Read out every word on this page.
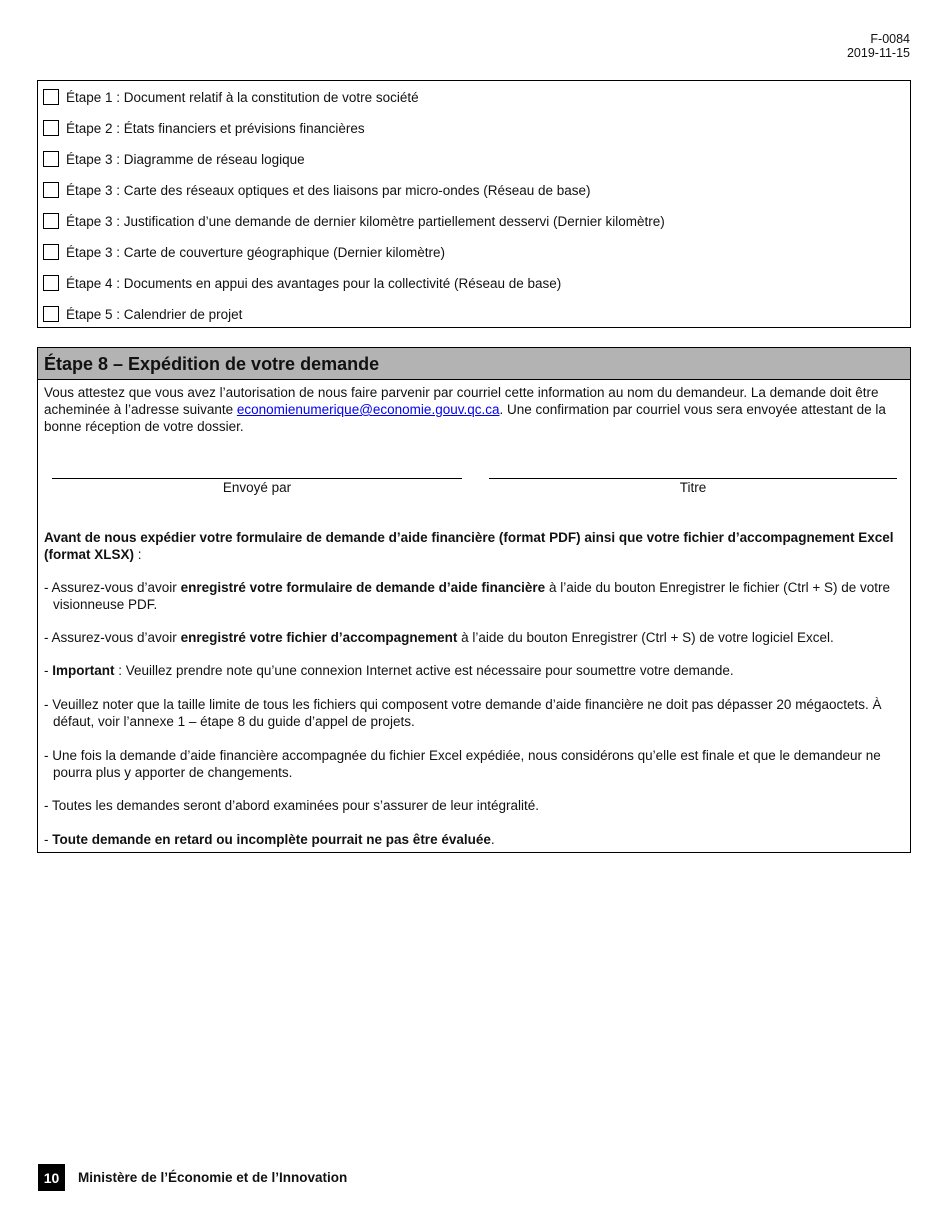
F-0084
2019-11-15
Étape 1 : Document relatif à la constitution de votre société
Étape 2 : États financiers et prévisions financières
Étape 3 : Diagramme de réseau logique
Étape 3 : Carte des réseaux optiques et des liaisons par micro-ondes (Réseau de base)
Étape 3 : Justification d’une demande de dernier kilomètre partiellement desservi (Dernier kilomètre)
Étape 3 : Carte de couverture géographique (Dernier kilomètre)
Étape 4 : Documents en appui des avantages pour la collectivité (Réseau de base)
Étape 5 : Calendrier de projet
Étape 8 – Expédition de votre demande
Vous attestez que vous avez l’autorisation de nous faire parvenir par courriel cette information au nom du demandeur. La demande doit être acheminée à l’adresse suivante economienumerique@economie.gouv.qc.ca. Une confirmation par courriel vous sera envoyée attestant de la bonne réception de votre dossier.
Envoyé par	Titre
Avant de nous expédier votre formulaire de demande d’aide financière (format PDF) ainsi que votre fichier d’accompagnement Excel (format XLSX) :
- Assurez-vous d’avoir enregistré votre formulaire de demande d’aide financière à l’aide du bouton Enregistrer le fichier (Ctrl + S) de votre visionneuse PDF.
- Assurez-vous d’avoir enregistré votre fichier d’accompagnement à l’aide du bouton Enregistrer (Ctrl + S) de votre logiciel Excel.
- Important : Veuillez prendre note qu’une connexion Internet active est nécessaire pour soumettre votre demande.
- Veuillez noter que la taille limite de tous les fichiers qui composent votre demande d’aide financière ne doit pas dépasser 20 mégaoctets. À défaut, voir l’annexe 1 – étape 8 du guide d’appel de projets.
- Une fois la demande d’aide financière accompagnée du fichier Excel expédiée, nous considérons qu’elle est finale et que le demandeur ne pourra plus y apporter de changements.
- Toutes les demandes seront d’abord examinées pour s’assurer de leur intégralité.
- Toute demande en retard ou incomplète pourrait ne pas être évaluée.
10	Ministère de l’Économie et de l’Innovation
